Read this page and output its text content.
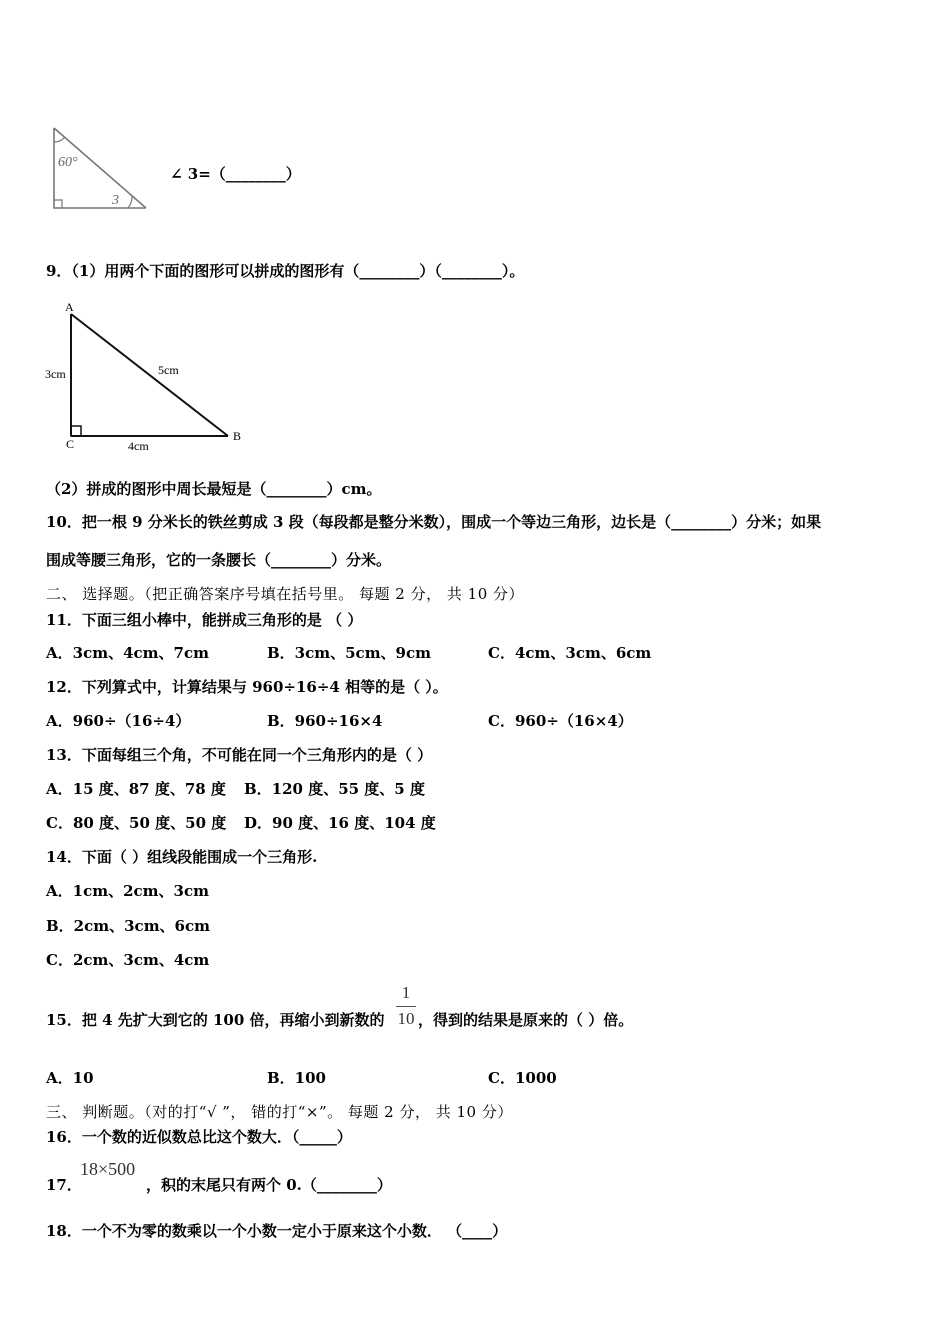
60°
3
∠ 3=（________）
9．（1）用两个下面的图形可以拼成的图形有（________）（________）。
A
B
C
3cm	5cm
4cm
（2）拼成的图形中周长最短是（________）cm。
10．把一根 9 分米长的铁丝剪成 3 段（每段都是整分米数），围成一个等边三角形，边长是（________）分米；如果
围成等腰三角形，它的一条腰长（________）分米。
二、 选择题。（把正确答案序号填在括号里。 每题 2 分， 共 10 分）
11．下面三组小棒中，能拼成三角形的是 （ ）
A．3cm、4cm、7cm	B．3cm、5cm、9cm	C．4cm、3cm、6cm
12．下列算式中，计算结果与 960÷16÷4 相等的是（ ）。
A．960÷（16÷4）	B．960÷16×4	C．960÷（16×4）
13．下面每组三个角，不可能在同一个三角形内的是（ ）
A．15 度、87 度、78 度 B．120 度、55 度、5 度
C．80 度、50 度、50 度 D．90 度、16 度、104 度
14．下面（ ）组线段能围成一个三角形.
A．1cm、2cm、3cm
B．2cm、3cm、6cm
C．2cm、3cm、4cm
15．把 4 先扩大到它的 100 倍，再缩小到新数的
1
10 ，得到的结果是原来的（ ）倍。
A．10	B．100	C．1000
三、 判断题。（对的打“√ ”， 错的打“×”。 每题 2 分， 共 10 分）
16．一个数的近似数总比这个数大．（_____）
17．
18×500
，积的末尾只有两个 0.（________）
18．一个不为零的数乘以一个小数一定小于原来这个小数． （____）
